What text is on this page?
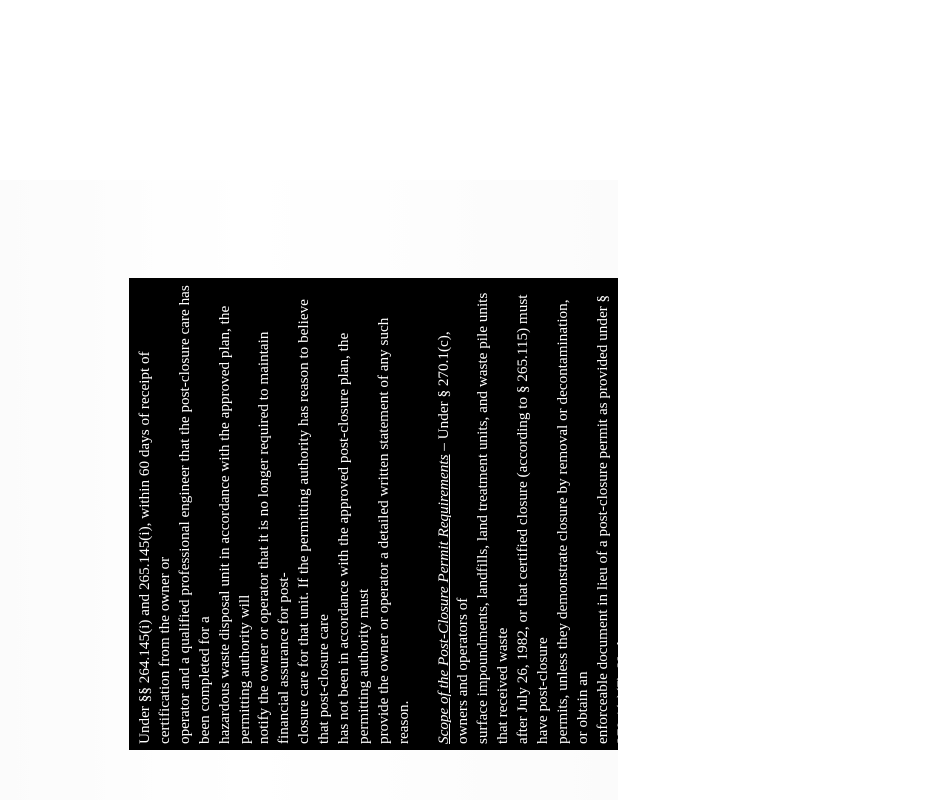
Under §§ 264.145(i) and 265.145(i), within 60 days of receipt of certification from the owner or operator and a qualified professional engineer that the post-closure care has been completed for a hazardous waste disposal unit in accordance with the approved plan, the permitting authority will notify the owner or operator that it is no longer required to maintain financial assurance for post- closure care for that unit. If the permitting authority has reason to believe that post-closure care has not been in accordance with the approved post-closure plan, the permitting authority must provide the owner or operator a detailed written statement of any such reason. Scope of the Post-Closure Permit Requirements – Under § 270.1(c), owners and operators of surface impoundments, landfills, land treatment units, and waste pile units that received waste after July 26, 1982, or that certified closure (according to § 265.115) must have post-closure permits, unless they demonstrate closure by removal or decontamination, or obtain an enforceable document in lieu of a post-closure permit as provided under § 270.1(c)(7). Under § 270.10(h), if a permittee has an effective permit and they want to renew it, they must submit a new application at least 180 days before the expiration date of the effective permit. Monitoring and Records – Under § 270.30(j)(2), the permittee must retain records of all monitoring information for a period of at least three years from the date of sample, measurement, report, or certification, unless extended by request of the permitting authority at any time. Records from all groundwater monitoring wells and associated groundwater surface elevations must be maintained for the active life of the facility, and for disposal facilities for the entire post- closure care period.
